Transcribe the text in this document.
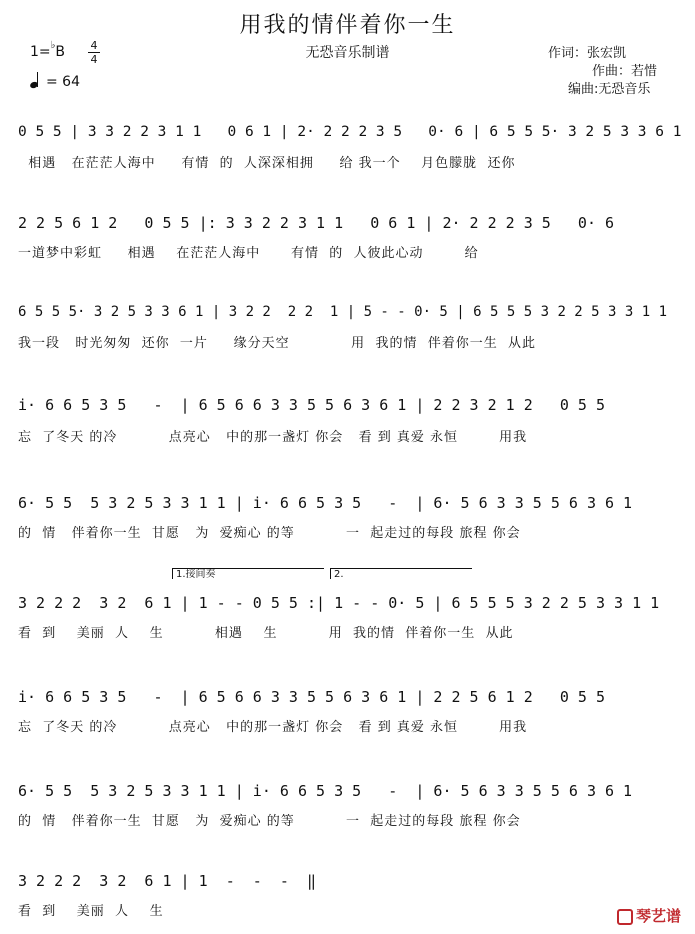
用我的情伴着你一生
无恐音乐制谱
1=♭B 4
4
= 64
作词：张宏凯
作曲：若惜
编曲:无恐音乐
0 5 5 | 3 3 2 2 3 1 1   0 6 1 | 2· 2 2 2 3 5   0· 6 | 6 5 5 5· 3 2 5 3 3 6 1
相遇   在茫茫人海中     有情  的  人深深相拥     给 我一个    月色朦胧  还你
2 2 5 6 1 2   0 5 5 |: 3 3 2 2 3 1 1   0 6 1 | 2· 2 2 2 3 5   0· 6
一道梦中彩虹     相遇    在茫茫人海中      有情  的  人彼此心动        给
6 5 5 5· 3 2 5 3 3 6 1 | 3 2 2  2 2  1 | 5 - - 0· 5 | 6 5 5 5 3 2 2 5 3 3 1 1
我一段   时光匆匆  还你  一片     缘分天空            用  我的情  伴着你一生  从此
i· 6 6 5 3 5   -  | 6 5 6 6 3 3 5 5 6 3 6 1 | 2 2 3 2 1 2   0 5 5
忘  了冬天 的冷          点亮心   中的那一盏灯 你会   看 到 真爱 永恒        用我
6· 5 5  5 3 2 5 3 3 1 1 | i· 6 6 5 3 5   -  | 6· 5 6 3 3 5 5 6 3 6 1
的  情   伴着你一生  甘愿   为  爱痴心 的等          一  起走过的每段 旅程 你会
1.接间奏	2.
3 2 2 2  3 2  6 1 | 1 - - 0 5 5 :| 1 - - 0· 5 | 6 5 5 5 3 2 2 5 3 3 1 1
看  到    美丽  人    生          相遇    生          用  我的情  伴着你一生  从此
i· 6 6 5 3 5   -  | 6 5 6 6 3 3 5 5 6 3 6 1 | 2 2 5 6 1 2   0 5 5
忘  了冬天 的冷          点亮心   中的那一盏灯 你会   看 到 真爱 永恒        用我
6· 5 5  5 3 2 5 3 3 1 1 | i· 6 6 5 3 5   -  | 6· 5 6 3 3 5 5 6 3 6 1
的  情   伴着你一生  甘愿   为  爱痴心 的等          一  起走过的每段 旅程 你会
3 2 2 2  3 2  6 1 | 1  -  -  -  ‖
看  到    美丽  人    生	琴艺谱
